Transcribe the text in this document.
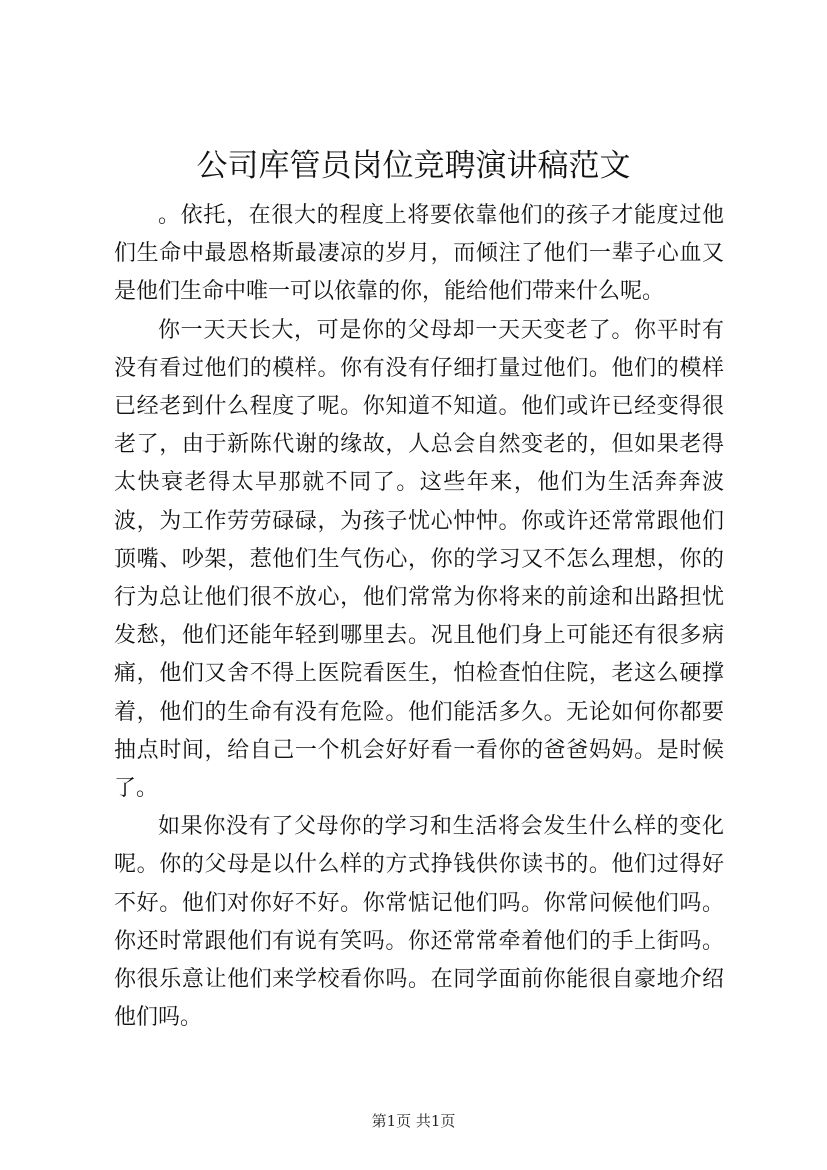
公司库管员岗位竞聘演讲稿范文

。依托，在很大的程度上将要依靠他们的孩子才能度过他们生命中最恩格斯最凄凉的岁月，而倾注了他们一辈子心血又是他们生命中唯一可以依靠的你，能给他们带来什么呢。

你一天天长大，可是你的父母却一天天变老了。你平时有没有看过他们的模样。你有没有仔细打量过他们。他们的模样已经老到什么程度了呢。你知道不知道。他们或许已经变得很老了，由于新陈代谢的缘故，人总会自然变老的，但如果老得太快衰老得太早那就不同了。这些年来，他们为生活奔奔波波，为工作劳劳碌碌，为孩子忧心忡忡。你或许还常常跟他们顶嘴、吵架，惹他们生气伤心，你的学习又不怎么理想，你的行为总让他们很不放心，他们常常为你将来的前途和出路担忧发愁，他们还能年轻到哪里去。况且他们身上可能还有很多病痛，他们又舍不得上医院看医生，怕检查怕住院，老这么硬撑着，他们的生命有没有危险。他们能活多久。无论如何你都要抽点时间，给自己一个机会好好看一看你的爸爸妈妈。是时候了。

如果你没有了父母你的学习和生活将会发生什么样的变化呢。你的父母是以什么样的方式挣钱供你读书的。他们过得好不好。他们对你好不好。你常惦记他们吗。你常问候他们吗。你还时常跟他们有说有笑吗。你还常常牵着他们的手上街吗。你很乐意让他们来学校看你吗。在同学面前你能很自豪地介绍他们吗。

第1页 共1页
